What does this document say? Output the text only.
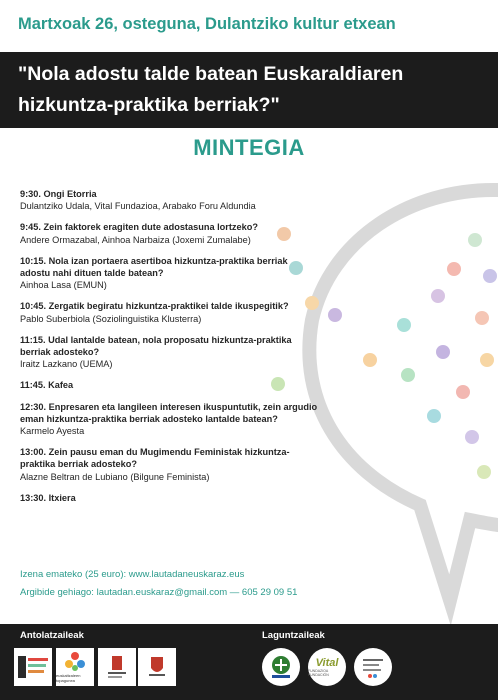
Martxoak 26, osteguna, Dulantziko kultur etxean
"Nola adostu talde batean Euskaraldiaren
hizkuntza-praktika berriak?"
MINTEGIA
9:30. Ongi Etorria
Dulantziko Udala, Vital Fundazioa, Arabako Foru Aldundia
9:45. Zein faktorek eragiten dute adostasuna lortzeko?
Andere Ormazabal, Ainhoa Narbaiza (Joxemi Zumalabe)
10:15. Nola izan portaera asertiboa hizkuntza-praktika berriak adostu nahi dituen talde batean?
Ainhoa Lasa (EMUN)
10:45. Zergatik begiratu hizkuntza-praktikei talde ikuspegitik?
Pablo Suberbiola (Soziolinguistika Klusterra)
11:15. Udal lantalde batean, nola proposatu hizkuntza-praktika berriak adosteko?
Iraitz Lazkano (UEMA)
11:45. Kafea
12:30. Enpresaren eta langileen interesen ikuspuntutik, zein argudio eman hizkuntza-praktika berriak adosteko lantalde batean?
Karmelo Ayesta
13:00. Zein pausu eman du Mugimendu Feministak hizkuntza-praktika berriak adosteko?
Alazne Beltran de Lubiano (Bilgune Feminista)
13:30. Itxiera
Izena emateko (25 euro): www.lautadaneuskaraz.eus
Argibide gehiago: lautadan.euskaraz@gmail.com — 605 29 09 51
Antolatzaileak	Laguntzaileak
euskaltzaleen topagunea
Vital
FUNDAZIOA FUNDACIÓN
